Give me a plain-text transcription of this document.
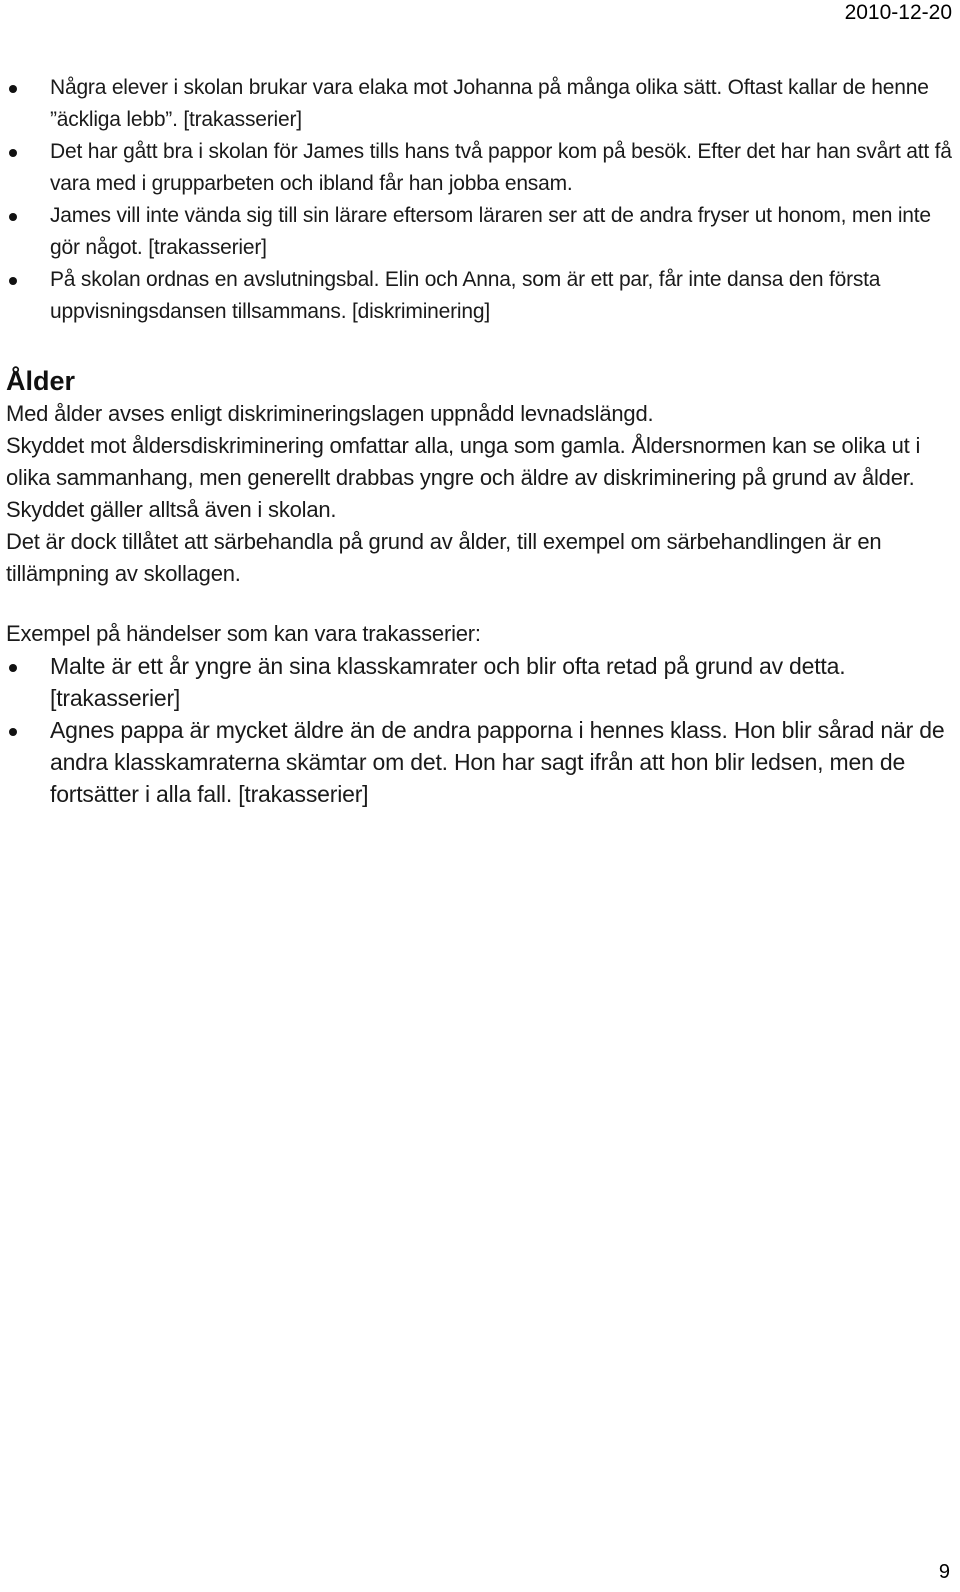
2010-12-20
Några elever i skolan brukar vara elaka mot Johanna på många olika sätt. Oftast kallar de henne ”äckliga lebb”. [trakasserier]
Det har gått bra i skolan för James tills hans två pappor kom på besök. Efter det har han svårt att få vara med i grupparbeten och ibland får han jobba ensam.
James vill inte vända sig till sin lärare eftersom läraren ser att de andra fryser ut honom, men inte gör något. [trakasserier]
På skolan ordnas en avslutningsbal. Elin och Anna, som är ett par, får inte dansa den första uppvisningsdansen tillsammans. [diskriminering]
Ålder

Med ålder avses enligt diskrimineringslagen uppnådd levnadslängd.

Skyddet mot åldersdiskriminering omfattar alla, unga som gamla. Åldersnormen kan se olika ut i olika sammanhang, men generellt drabbas yngre och äldre av diskriminering på grund av ålder. Skyddet gäller alltså även i skolan.

Det är dock tillåtet att särbehandla på grund av ålder, till exempel om särbehandlingen är en tillämpning av skollagen.

Exempel på händelser som kan vara trakasserier:

Malte är ett år yngre än sina klasskamrater och blir ofta retad på grund av detta. [trakasserier]
Agnes pappa är mycket äldre än de andra papporna i hennes klass. Hon blir sårad när de andra klasskamraterna skämtar om det. Hon har sagt ifrån att hon blir ledsen, men de fortsätter i alla fall. [trakasserier]
9
